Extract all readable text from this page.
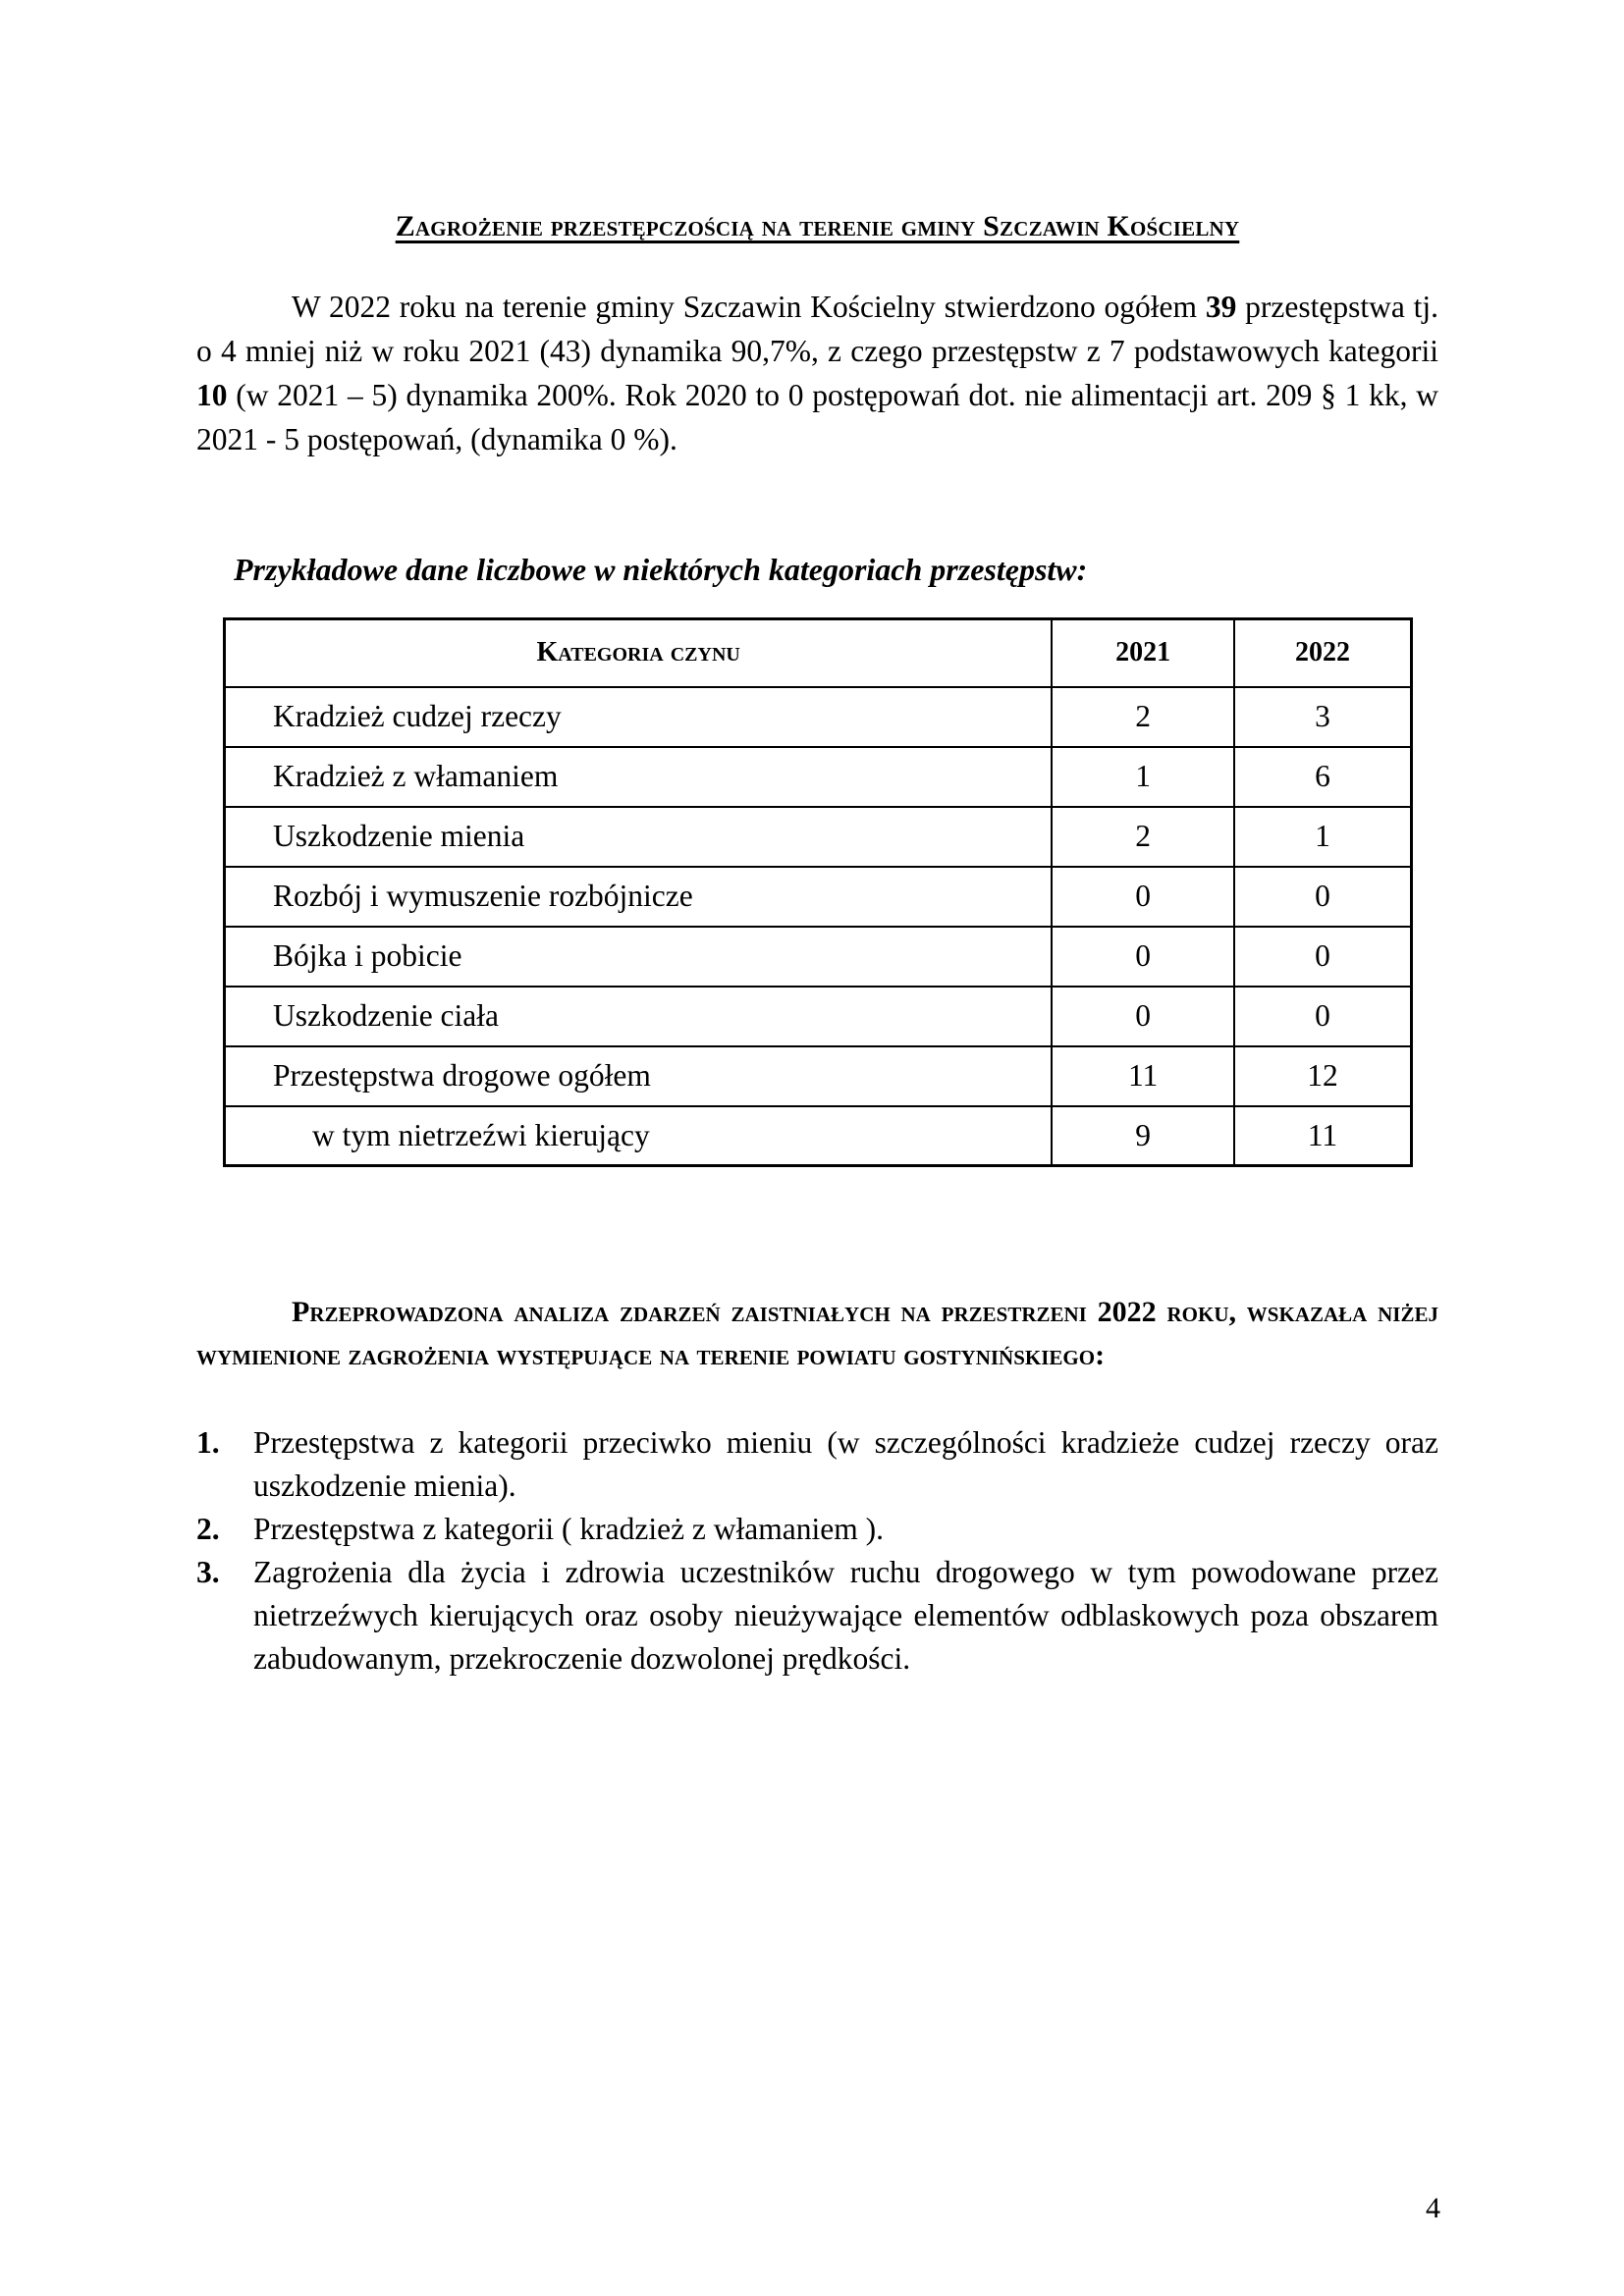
Zagrożenie przestępczością na terenie gminy Szczawin Kościelny

W 2022 roku na terenie gminy Szczawin Kościelny stwierdzono ogółem 39 przestępstwa tj. o 4 mniej niż w roku 2021 (43) dynamika 90,7%, z czego przestępstw z 7 podstawowych kategorii 10 (w 2021 – 5) dynamika 200%. Rok 2020 to 0 postępowań dot. nie alimentacji art. 209 § 1 kk, w 2021 - 5 postępowań, (dynamika 0 %).

Przykładowe dane liczbowe w niektórych kategoriach przestępstw:
Kategoria czynu	2021	2022
Kradzież cudzej rzeczy	2	3
Kradzież z włamaniem	1	6
Uszkodzenie mienia	2	1
Rozbój i wymuszenie rozbójnicze	0	0
Bójka i pobicie	0	0
Uszkodzenie ciała	0	0
Przestępstwa drogowe ogółem	11	12
w tym nietrzeźwi kierujący	9	11

Przeprowadzona analiza zdarzeń zaistniałych na przestrzeni 2022 roku, wskazała niżej wymienione zagrożenia występujące na terenie powiatu gostynińskiego:

1. Przestępstwa z kategorii przeciwko mieniu (w szczególności kradzieże cudzej rzeczy oraz uszkodzenie mienia).
2. Przestępstwa z kategorii ( kradzież z włamaniem ).
3. Zagrożenia dla życia i zdrowia uczestników ruchu drogowego w tym powodowane przez nietrzeźwych kierujących oraz osoby nieużywające elementów odblaskowych poza obszarem zabudowanym, przekroczenie dozwolonej prędkości.
4
